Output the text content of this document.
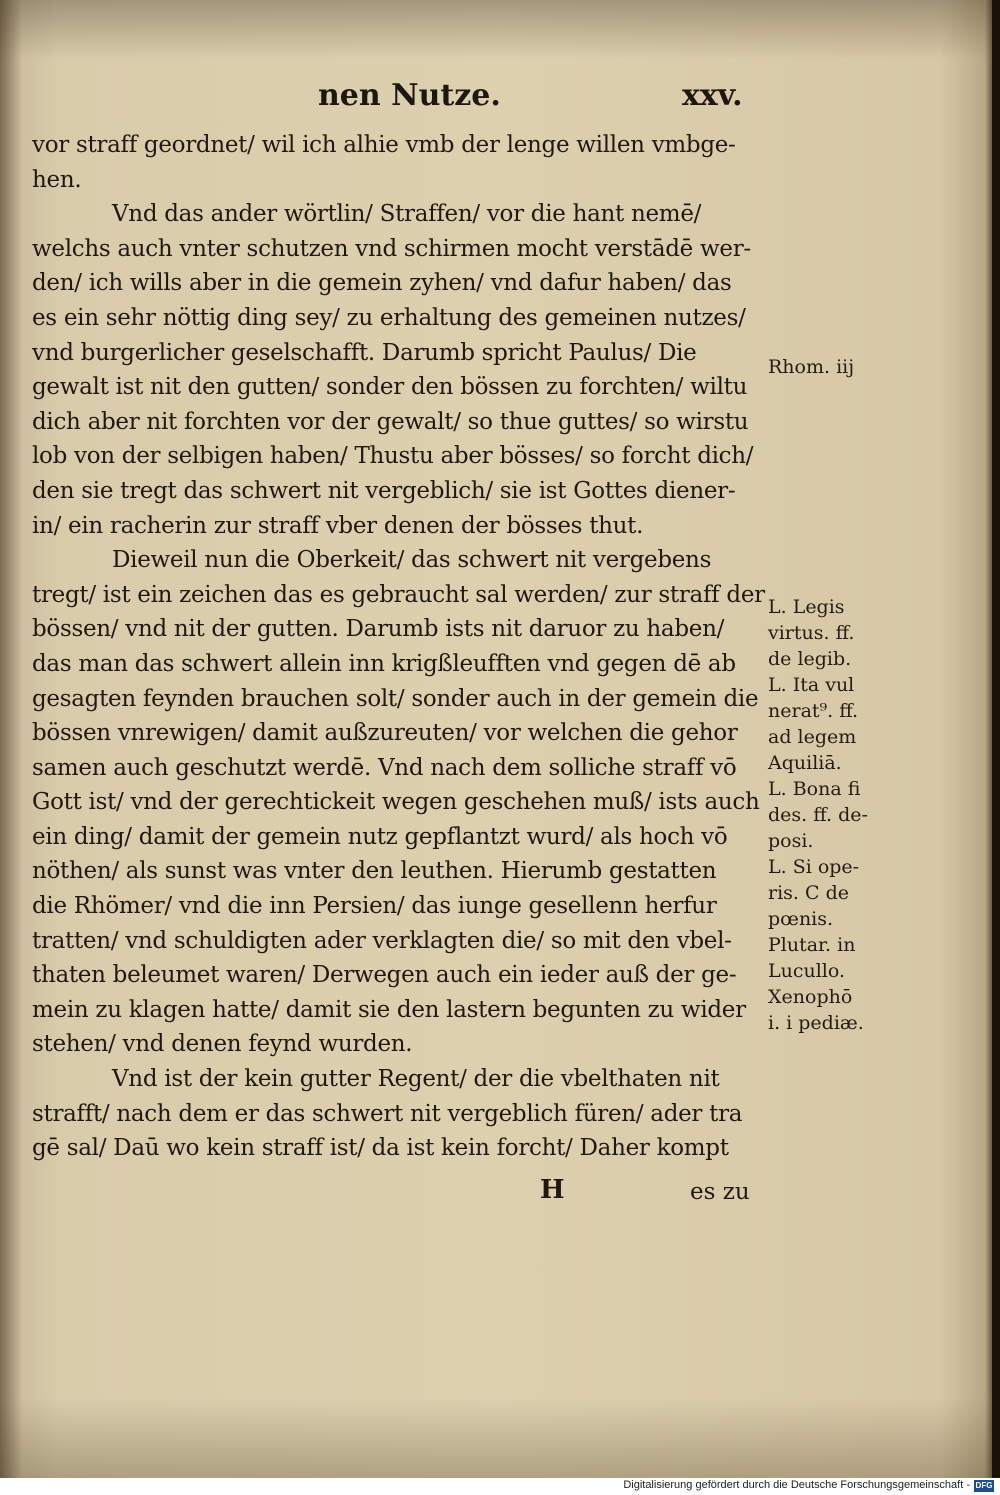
nen Nutze.	xxv.
vor straff geordnet/ wil ich alhie vmb der lenge willen vmbge-
hen.
Vnd das ander wörtlin/ Straffen/ vor die hant nemē/
welchs auch vnter schutzen vnd schirmen mocht verstādē wer-
den/ ich wills aber in die gemein zyhen/ vnd dafur haben/ das
es ein sehr nöttig ding sey/ zu erhaltung des gemeinen nutzes/
vnd burgerlicher geselschafft. Darumb spricht Paulus/ Die
gewalt ist nit den gutten/ sonder den bössen zu forchten/ wiltu
dich aber nit forchten vor der gewalt/ so thue guttes/ so wirstu
lob von der selbigen haben/ Thustu aber bösses/ so forcht dich/
den sie tregt das schwert nit vergeblich/ sie ist Gottes diener-
in/ ein racherin zur straff vber denen der bösses thut.
Dieweil nun die Oberkeit/ das schwert nit vergebens
tregt/ ist ein zeichen das es gebraucht sal werden/ zur straff der
bössen/ vnd nit der gutten. Darumb ists nit daruor zu haben/
das man das schwert allein inn krigßleufften vnd gegen dē ab
gesagten feynden brauchen solt/ sonder auch in der gemein die
bössen vnrewigen/ damit außzureuten/ vor welchen die gehor
samen auch geschutzt werdē. Vnd nach dem solliche straff vō
Gott ist/ vnd der gerechtickeit wegen geschehen muß/ ists auch
ein ding/ damit der gemein nutz gepflantzt wurd/ als hoch vō
nöthen/ als sunst was vnter den leuthen. Hierumb gestatten
die Rhömer/ vnd die inn Persien/ das iunge gesellenn herfur
tratten/ vnd schuldigten ader verklagten die/ so mit den vbel-
thaten beleumet waren/ Derwegen auch ein ieder auß der ge-
mein zu klagen hatte/ damit sie den lastern begunten zu wider
stehen/ vnd denen feynd wurden.
Vnd ist der kein gutter Regent/ der die vbelthaten nit
strafft/ nach dem er das schwert nit vergeblich füren/ ader tra
gē sal/ Daū wo kein straff ist/ da ist kein forcht/ Daher kompt
Rhom. iij
L. Legis
virtus. ff.
de legib.
L. Ita vul
nerat⁹. ff.
ad legem
Aquiliā.
L. Bona fi
des. ff. de-
posi.
L. Si ope-
ris. C de
pœnis.
Plutar. in
Lucullo.
Xenophō
i. i pediæ.
H	es zu
Digitalisierung gefördert durch die Deutsche Forschungsgemeinschaft - DFG
